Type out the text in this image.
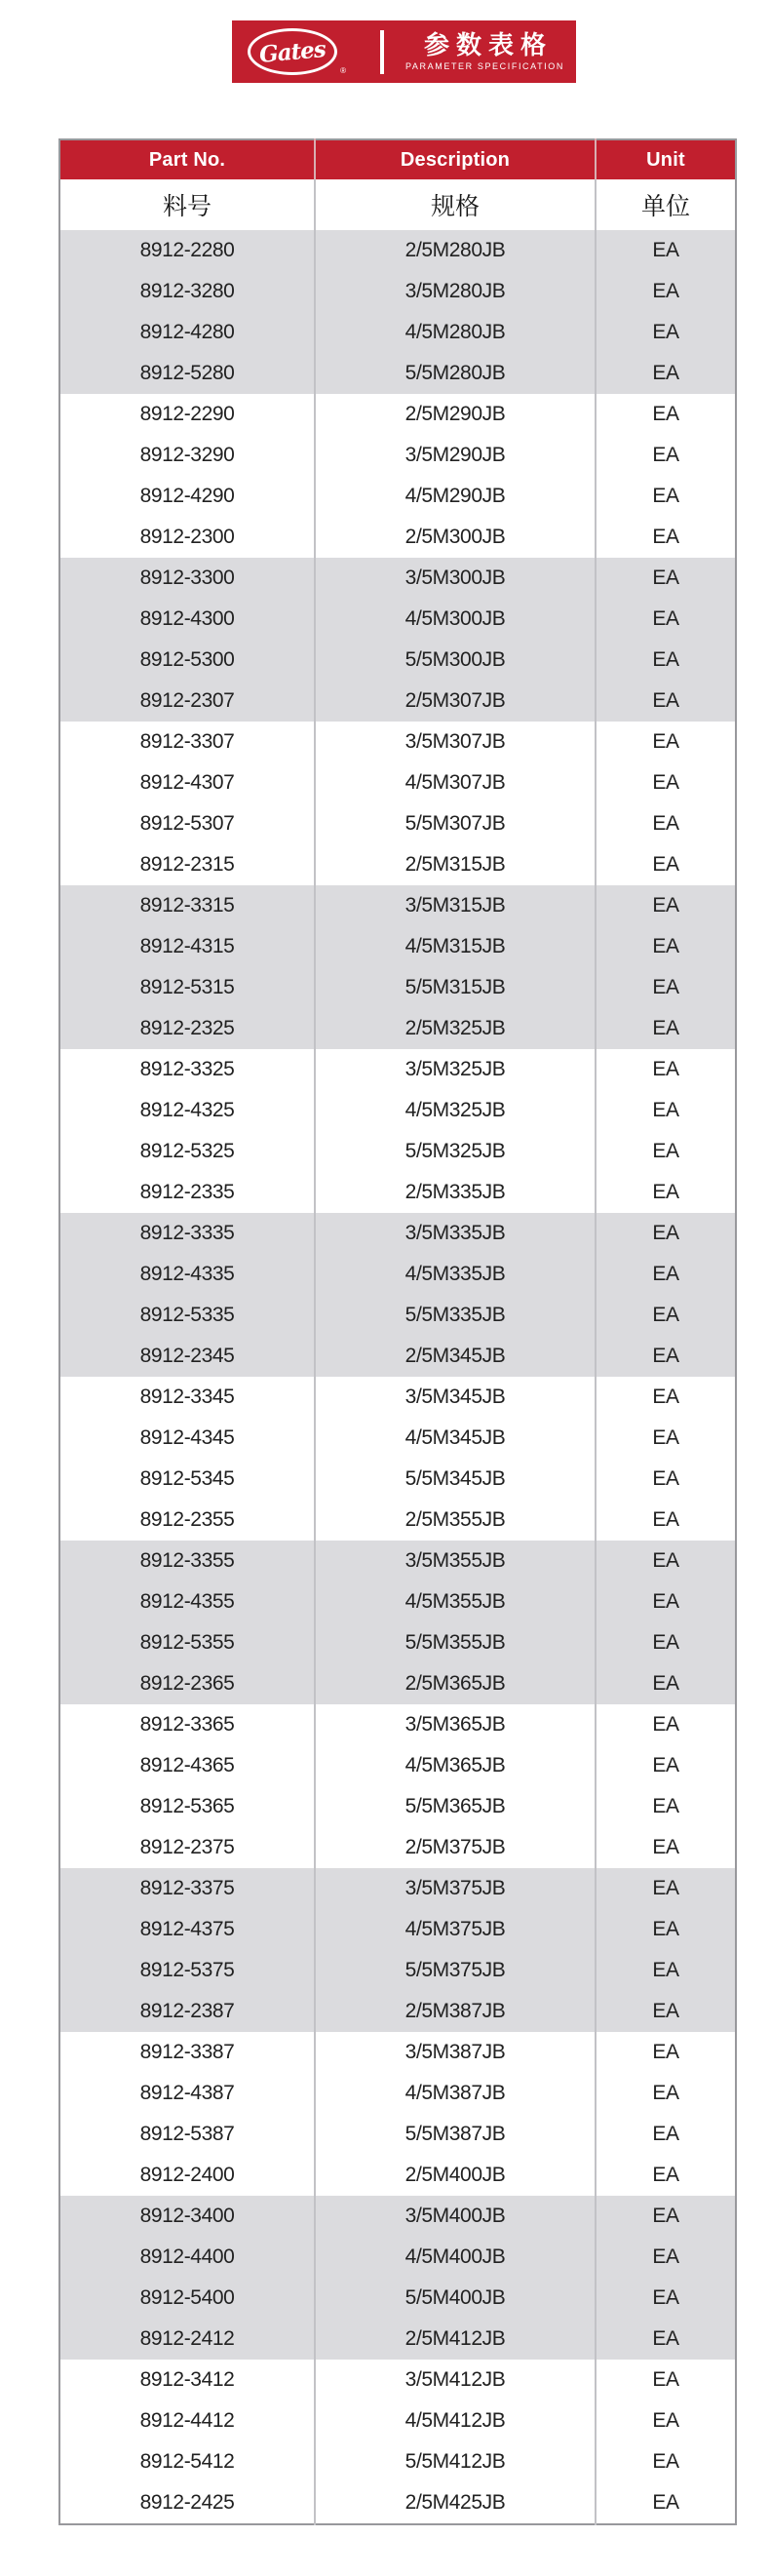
Gates
®
参数表格
PARAMETER SPECIFICATION
Part No.	Description	Unit
料号	规格	单位
8912-2280	2/5M280JB	EA
8912-3280	3/5M280JB	EA
8912-4280	4/5M280JB	EA
8912-5280	5/5M280JB	EA
8912-2290	2/5M290JB	EA
8912-3290	3/5M290JB	EA
8912-4290	4/5M290JB	EA
8912-2300	2/5M300JB	EA
8912-3300	3/5M300JB	EA
8912-4300	4/5M300JB	EA
8912-5300	5/5M300JB	EA
8912-2307	2/5M307JB	EA
8912-3307	3/5M307JB	EA
8912-4307	4/5M307JB	EA
8912-5307	5/5M307JB	EA
8912-2315	2/5M315JB	EA
8912-3315	3/5M315JB	EA
8912-4315	4/5M315JB	EA
8912-5315	5/5M315JB	EA
8912-2325	2/5M325JB	EA
8912-3325	3/5M325JB	EA
8912-4325	4/5M325JB	EA
8912-5325	5/5M325JB	EA
8912-2335	2/5M335JB	EA
8912-3335	3/5M335JB	EA
8912-4335	4/5M335JB	EA
8912-5335	5/5M335JB	EA
8912-2345	2/5M345JB	EA
8912-3345	3/5M345JB	EA
8912-4345	4/5M345JB	EA
8912-5345	5/5M345JB	EA
8912-2355	2/5M355JB	EA
8912-3355	3/5M355JB	EA
8912-4355	4/5M355JB	EA
8912-5355	5/5M355JB	EA
8912-2365	2/5M365JB	EA
8912-3365	3/5M365JB	EA
8912-4365	4/5M365JB	EA
8912-5365	5/5M365JB	EA
8912-2375	2/5M375JB	EA
8912-3375	3/5M375JB	EA
8912-4375	4/5M375JB	EA
8912-5375	5/5M375JB	EA
8912-2387	2/5M387JB	EA
8912-3387	3/5M387JB	EA
8912-4387	4/5M387JB	EA
8912-5387	5/5M387JB	EA
8912-2400	2/5M400JB	EA
8912-3400	3/5M400JB	EA
8912-4400	4/5M400JB	EA
8912-5400	5/5M400JB	EA
8912-2412	2/5M412JB	EA
8912-3412	3/5M412JB	EA
8912-4412	4/5M412JB	EA
8912-5412	5/5M412JB	EA
8912-2425	2/5M425JB	EA
